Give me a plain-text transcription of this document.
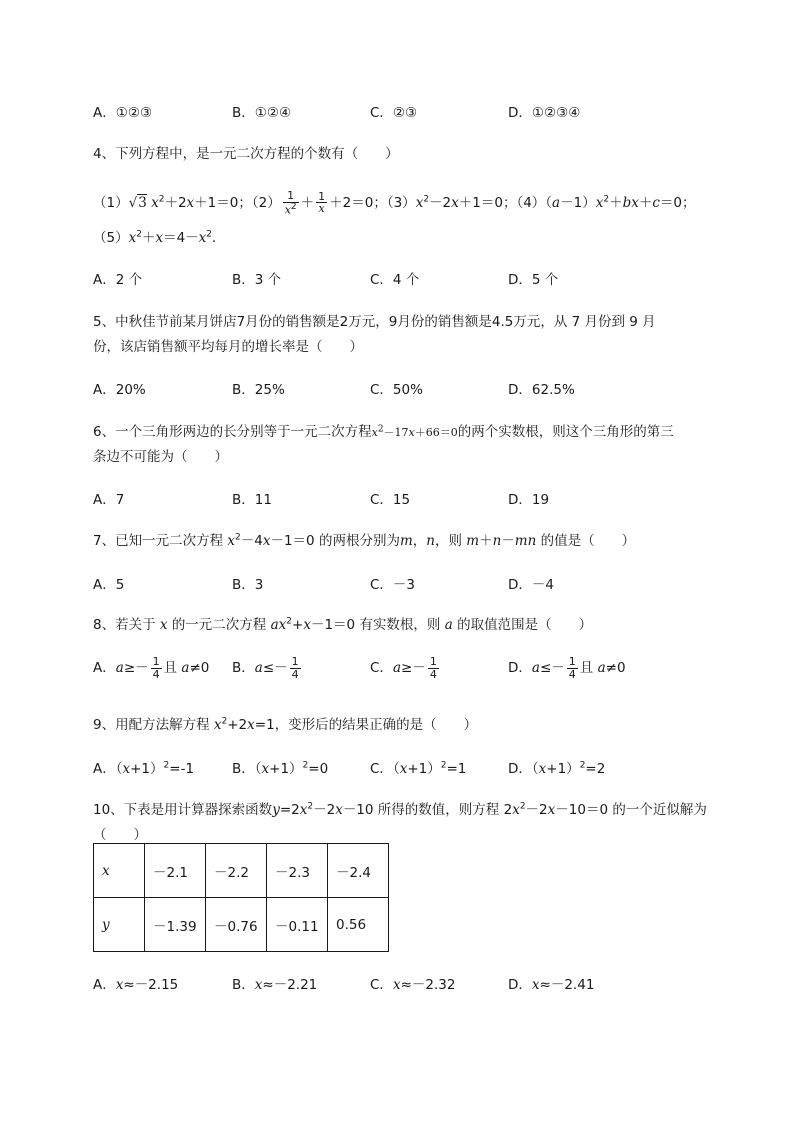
A．①②③	B．①②④	C．②③	D．①②③④
4、下列方程中，是一元二次方程的个数有（　　）
（1）√3 $x^2+2x+1=0$；$(2) \frac{1}{x^2} + \frac{1}{x} +2=0$；$(3)x^2-2x+1=0$；$(4)(a-1)x^2+bx+c=0$；
$(5)x^2+x=4-x^2$．
A．2 个	B．3 个	C．4 个	D．5 个
5、中秋佳节前某月饼店7月份的销售额是2万元，9月份的销售额是4.5万元，从 7 月份到 9 月
份，该店销售额平均每月的增长率是（　　）
A．20%	B．25%	C．50%	D．62.5%
6、一个三角形两边的长分别等于一元二次方程$x^2-17x+66=0$的两个实数根，则这个三角形的第三
条边不可能为（　　）
A．7	B．11	C．15	D．19
7、已知一元二次方程 $x^2-4x-1=0$ 的两根分别为m，n，则 m＋n－mn 的值是（　　）
A．5	B．3	C．－3	D．－4
8、若关于 x 的一元二次方程 $ax^2+x-1=0$ 有实数根，则 a 的取值范围是（　　）
A．$a\ge- \frac{1}{4}$ 且 a≠0 B．$a\le- \frac{1}{4}$	C．$a\ge- \frac{1}{4}$	D．$a\le- \frac{1}{4}$ 且 a≠0
9、用配方法解方程 $x^2+2x=1$，变形后的结果正确的是（　　）
A．$(x+1)^2=-1$	B．$(x+1)^2=0$	C．$(x+1)^2=1$	D．$(x+1)^2=2$
10、下表是用计算器探索函数$y=2x^2-2x-10$ 所得的数值，则方程 $2x^2-2x-10=0$ 的一个近似解为
（　　）
x	－2.1	－2.2	－2.3	－2.4
y	－1.39	－0.76	－0.11	0.56
A．x≈－2.15	B．x≈－2.21	C．x≈－2.32	D．x≈－2.41
